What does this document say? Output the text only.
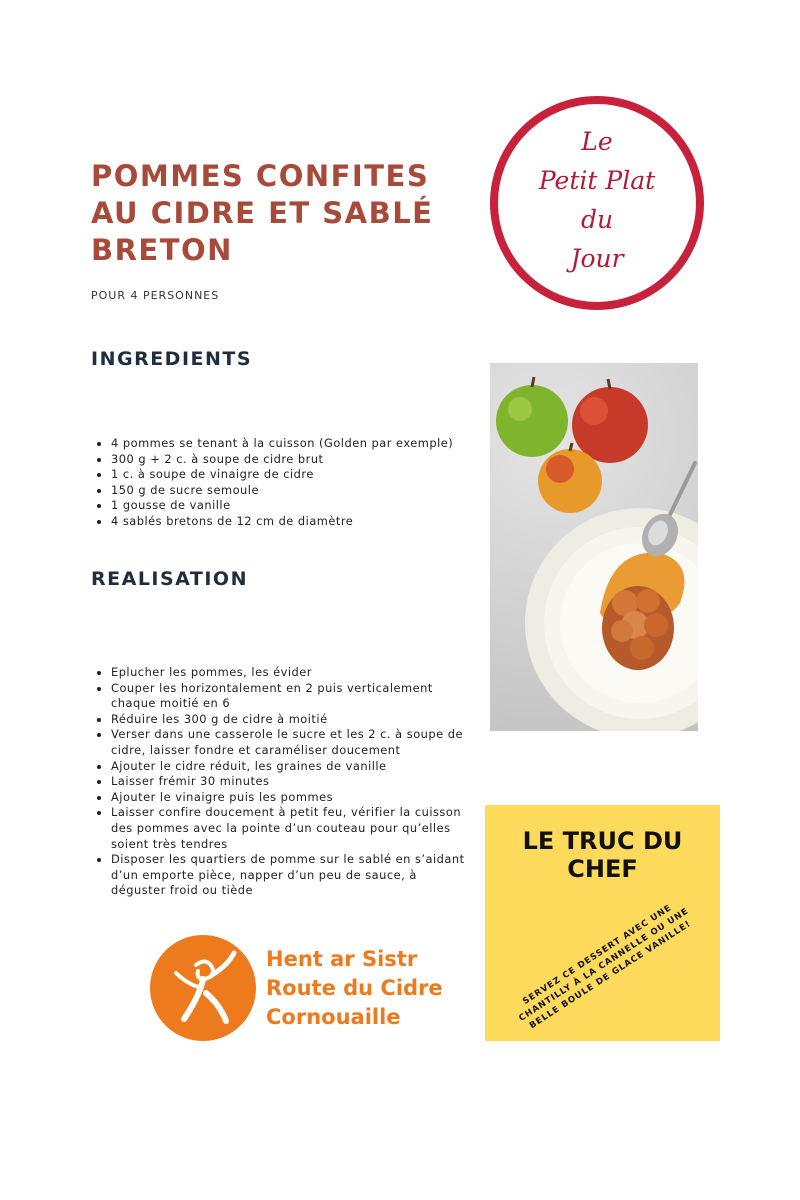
POMMES CONFITES AU CIDRE ET SABLÉ BRETON
POUR 4 PERSONNES
Le
Petit Plat
du
Jour
INGREDIENTS
• 4 pommes se tenant à la cuisson (Golden par exemple)
• 300 g + 2 c. à soupe de cidre brut
• 1 c. à soupe de vinaigre de cidre
• 150 g de sucre semoule
• 1 gousse de vanille
• 4 sablés bretons de 12 cm de diamètre
REALISATION
• Eplucher les pommes, les évider
• Couper les horizontalement en 2 puis verticalement chaque moitié en 6
• Réduire les 300 g de cidre à moitié
• Verser dans une casserole le sucre et les 2 c. à soupe de cidre, laisser fondre et caraméliser doucement
• Ajouter le cidre réduit, les graines de vanille
• Laisser frémir 30 minutes
• Ajouter le vinaigre puis les pommes
• Laisser confire doucement à petit feu, vérifier la cuisson des pommes avec la pointe d’un couteau pour qu’elles soient très tendres
• Disposer les quartiers de pomme sur le sablé en s’aidant d’un emporte pièce, napper d’un peu de sauce, à déguster froid ou tiède
LE TRUC DU
CHEF
SERVEZ CE DESSERT AVEC UNE CHANTILLY À LA CANNELLE OU UNE BELLE BOULE DE GLACE VANILLE!
Hent ar Sistr
Route du Cidre
Cornouaille
